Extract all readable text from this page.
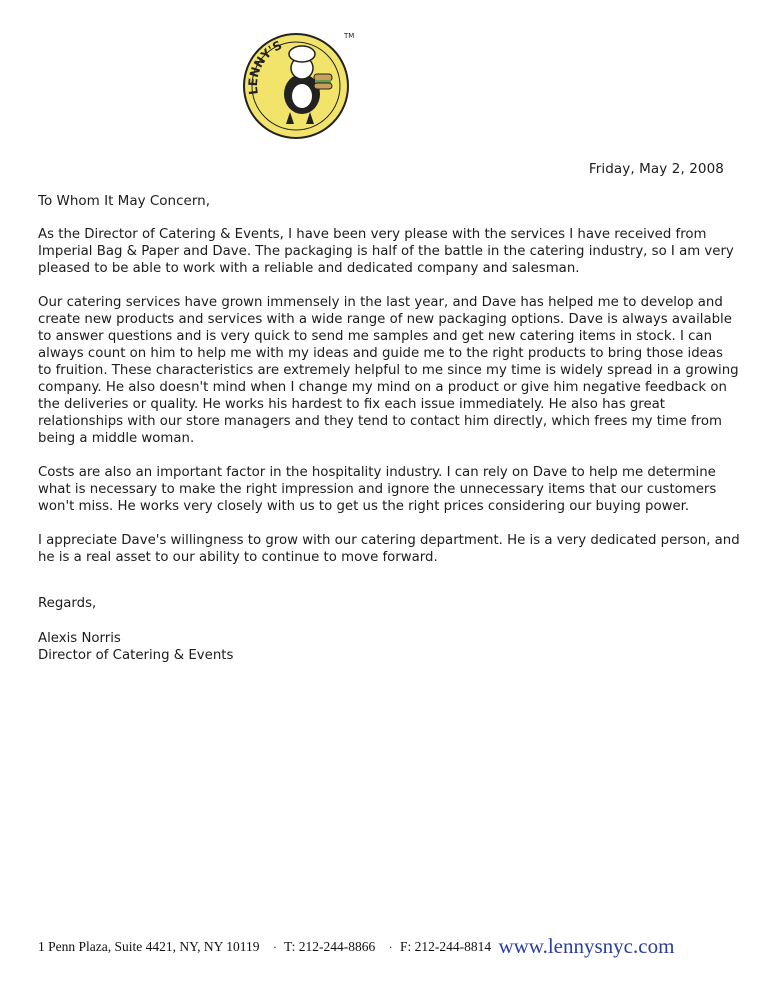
LENNY'S
TM
Friday, May 2, 2008
To Whom It May Concern,

As the Director of Catering & Events, I have been very please with the services I have received from Imperial Bag & Paper and Dave. The packaging is half of the battle in the catering industry, so I am very pleased to be able to work with a reliable and dedicated company and salesman.

Our catering services have grown immensely in the last year, and Dave has helped me to develop and create new products and services with a wide range of new packaging options. Dave is always available to answer questions and is very quick to send me samples and get new catering items in stock. I can always count on him to help me with my ideas and guide me to the right products to bring those ideas to fruition. These characteristics are extremely helpful to me since my time is widely spread in a growing company. He also doesn't mind when I change my mind on a product or give him negative feedback on the deliveries or quality. He works his hardest to fix each issue immediately. He also has great relationships with our store managers and they tend to contact him directly, which frees my time from being a middle woman.

Costs are also an important factor in the hospitality industry. I can rely on Dave to help me determine what is necessary to make the right impression and ignore the unnecessary items that our customers won't miss. He works very closely with us to get us the right prices considering our buying power.

I appreciate Dave's willingness to grow with our catering department. He is a very dedicated person, and he is a real asset to our ability to continue to move forward.

Regards,
Alexis Norris
Director of Catering & Events
1 Penn Plaza, Suite 4421, NY, NY 10119 · T: 212-244-8866 · F: 212-244-8814 www.lennysnyc.com
